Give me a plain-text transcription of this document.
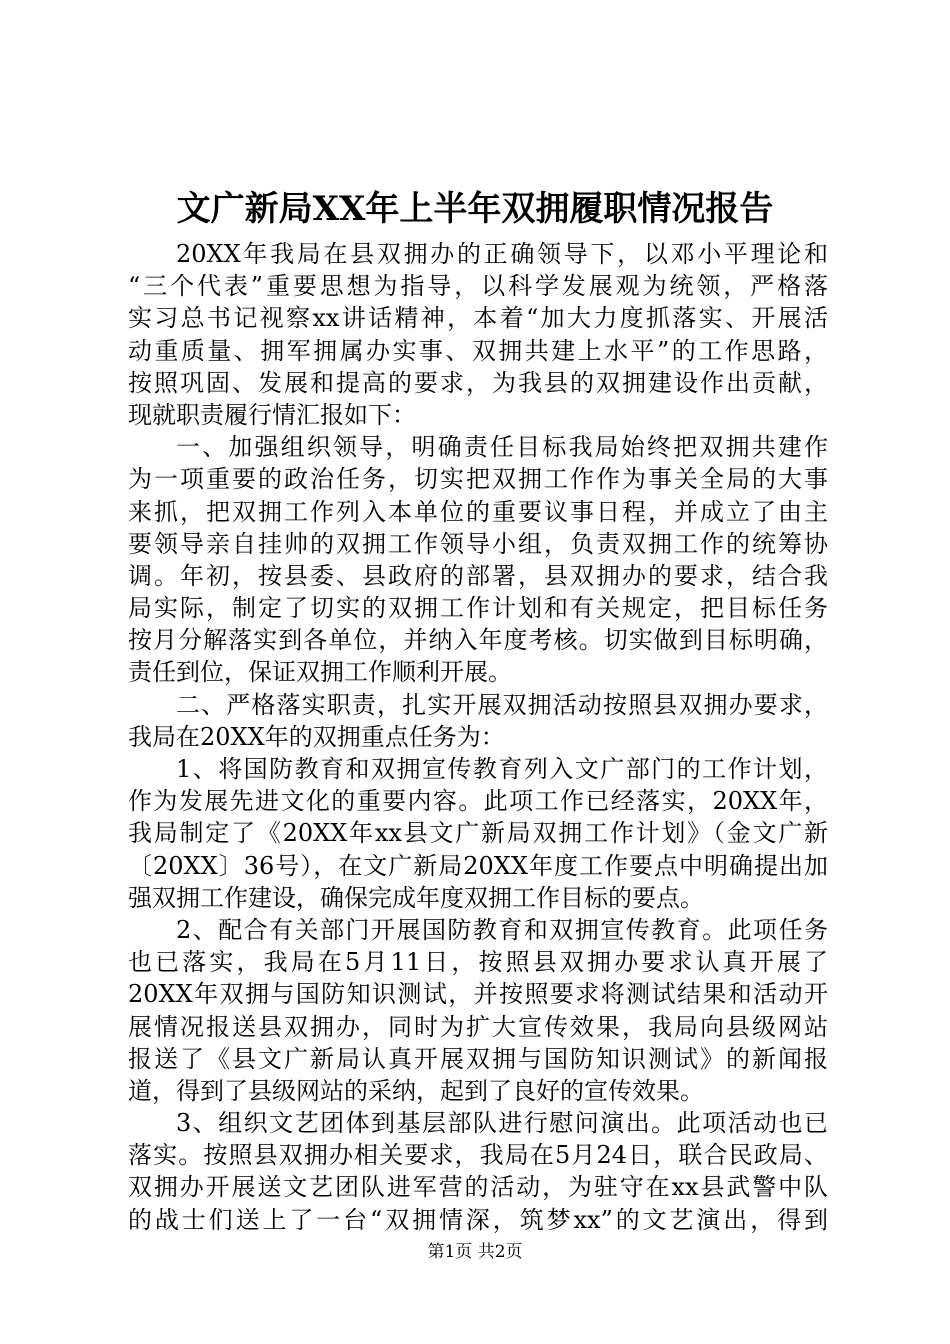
文广新局XX年上半年双拥履职情况报告
20XX年我局在县双拥办的正确领导下，以邓小平理论和
“三个代表”重要思想为指导，以科学发展观为统领，严格落
实习总书记视察xx讲话精神，本着“加大力度抓落实、开展活
动重质量、拥军拥属办实事、双拥共建上水平”的工作思路，
按照巩固、发展和提高的要求，为我县的双拥建设作出贡献，
现就职责履行情汇报如下：
一、加强组织领导，明确责任目标我局始终把双拥共建作
为一项重要的政治任务，切实把双拥工作作为事关全局的大事
来抓，把双拥工作列入本单位的重要议事日程，并成立了由主
要领导亲自挂帅的双拥工作领导小组，负责双拥工作的统筹协
调。年初，按县委、县政府的部署，县双拥办的要求，结合我
局实际，制定了切实的双拥工作计划和有关规定，把目标任务
按月分解落实到各单位，并纳入年度考核。切实做到目标明确，
责任到位，保证双拥工作顺利开展。
二、严格落实职责，扎实开展双拥活动按照县双拥办要求，
我局在20XX年的双拥重点任务为：
1、将国防教育和双拥宣传教育列入文广部门的工作计划，
作为发展先进文化的重要内容。此项工作已经落实，20XX年，
我局制定了《20XX年xx县文广新局双拥工作计划》（金文广新
〔20XX〕36号），在文广新局20XX年度工作要点中明确提出加
强双拥工作建设，确保完成年度双拥工作目标的要点。
2、配合有关部门开展国防教育和双拥宣传教育。此项任务
也已落实，我局在5月11日，按照县双拥办要求认真开展了
20XX年双拥与国防知识测试，并按照要求将测试结果和活动开
展情况报送县双拥办，同时为扩大宣传效果，我局向县级网站
报送了《县文广新局认真开展双拥与国防知识测试》的新闻报
道，得到了县级网站的采纳，起到了良好的宣传效果。
3、组织文艺团体到基层部队进行慰问演出。此项活动也已
落实。按照县双拥办相关要求，我局在5月24日，联合民政局、
双拥办开展送文艺团队进军营的活动，为驻守在xx县武警中队
的战士们送上了一台“双拥情深，筑梦xx”的文艺演出，得到
第1页 共2页
